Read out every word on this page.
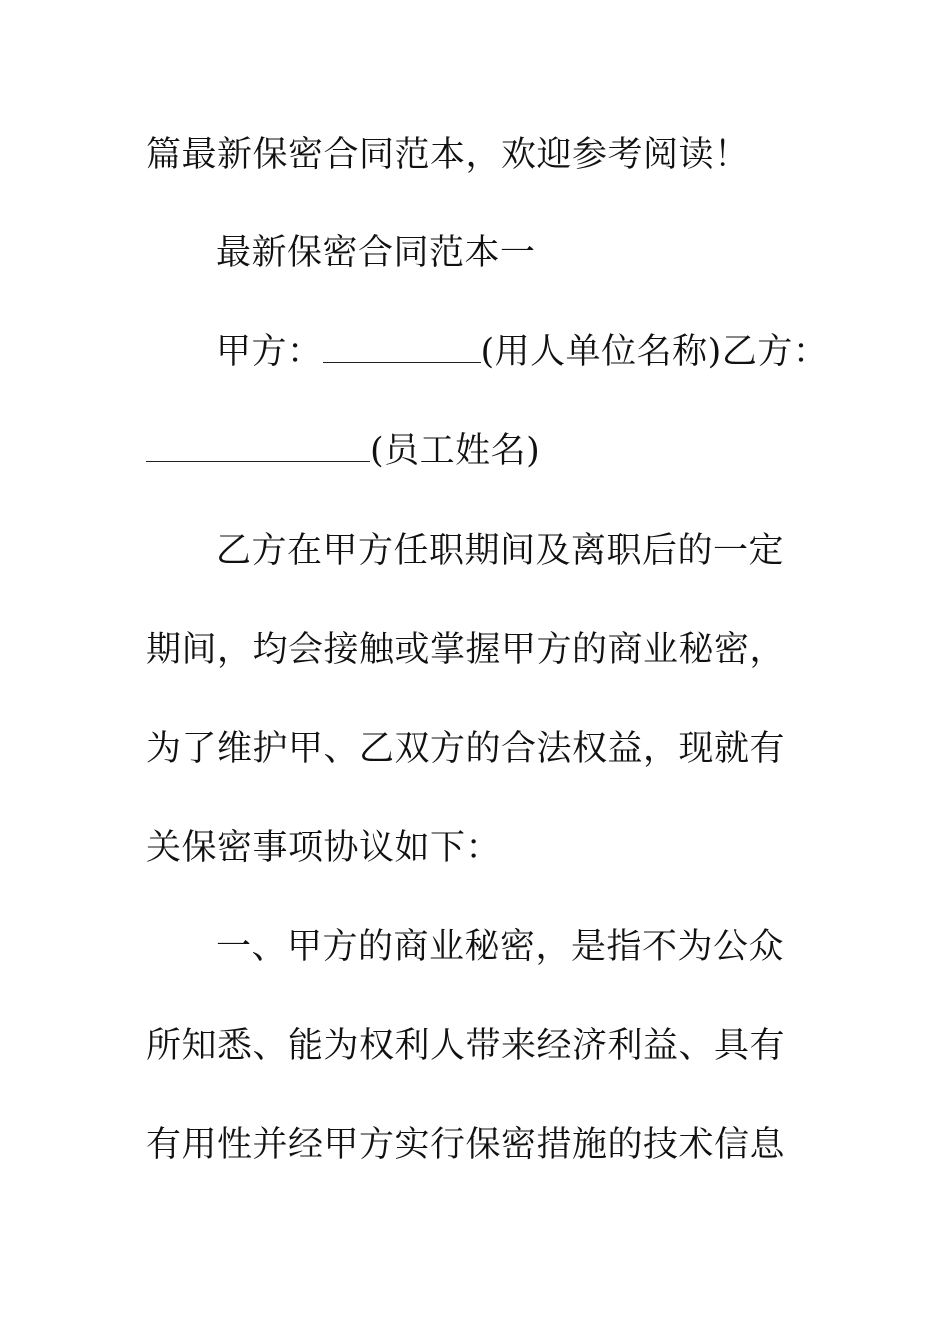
篇最新保密合同范本，欢迎参考阅读！
最新保密合同范本一
甲方：	(用人单位名称)乙方：
(员工姓名)
乙方在甲方任职期间及离职后的一定
期间，均会接触或掌握甲方的商业秘密，
为了维护甲、乙双方的合法权益，现就有
关保密事项协议如下：
一、甲方的商业秘密，是指不为公众
所知悉、能为权利人带来经济利益、具有
有用性并经甲方实行保密措施的技术信息
